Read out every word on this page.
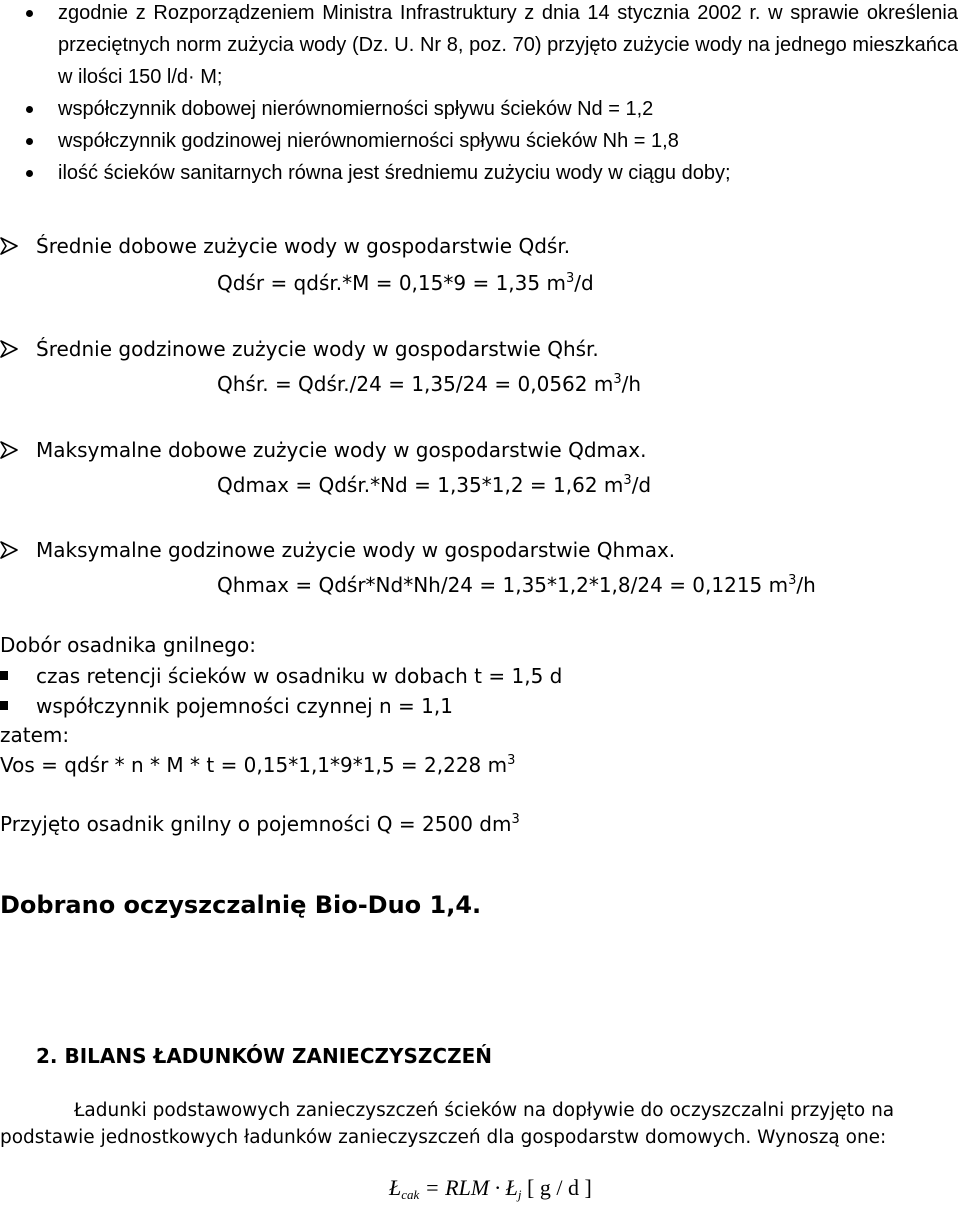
zgodnie z Rozporządzeniem Ministra Infrastruktury z dnia 14 stycznia 2002 r. w sprawie określenia przeciętnych norm zużycia wody (Dz. U. Nr 8, poz. 70) przyjęto zużycie wody na jednego mieszkańca w ilości 150 l/d· M;
współczynnik dobowej nierównomierności spływu ścieków Nd = 1,2
współczynnik godzinowej nierównomierności spływu ścieków Nh = 1,8
ilość ścieków sanitarnych równa jest średniemu zużyciu wody w ciągu doby;
Średnie dobowe zużycie wody w gospodarstwie Qdśr.
Qdśr = qdśr.*M = 0,15*9 = 1,35 $m^3/d$
Średnie godzinowe zużycie wody w gospodarstwie Qhśr.
Qhśr. = Qdśr./24 = 1,35/24 = 0,0562 $m^3/h$
Maksymalne dobowe zużycie wody w gospodarstwie Qdmax.
Qdmax = Qdśr.*Nd = 1,35*1,2 = 1,62 $m^3/d$
Maksymalne godzinowe zużycie wody w gospodarstwie Qhmax.
Qhmax = Qdśr*Nd*Nh/24 = 1,35*1,2*1,8/24 = 0,1215 $m^3/h$
Dobór osadnika gnilnego:
czas retencji ścieków w osadniku w dobach t = 1,5 d
współczynnik pojemności czynnej n = 1,1
zatem:
Vos = qdśr * n * M * t = 0,15*1,1*9*1,5 = 2,228 $m^3$
Przyjęto osadnik gnilny o pojemności Q = 2500 $dm^3$
Dobrano oczyszczalnię Bio-Duo 1,4.
2. BILANS ŁADUNKÓW ZANIECZYSZCZEŃ
Ładunki podstawowych zanieczyszczeń ścieków na dopływie do oczyszczalni przyjęto na
podstawie jednostkowych ładunków zanieczyszczeń dla gospodarstw domowych. Wynoszą one:
$Ł_{cak}$ = RLM · $Ł_j$ [ g / d ]
